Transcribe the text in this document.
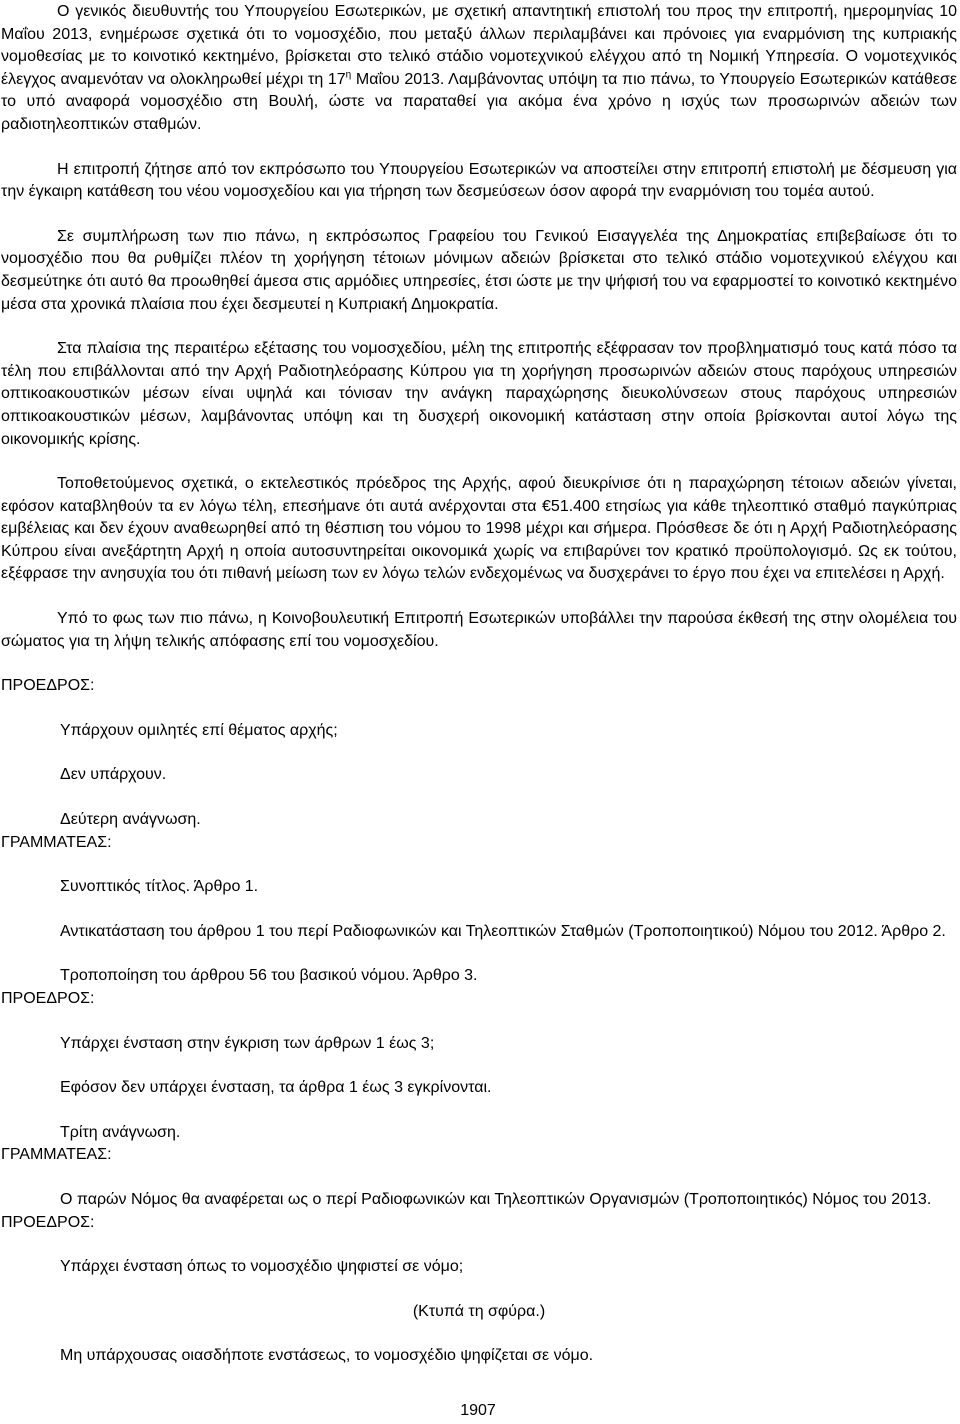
Ο γενικός διευθυντής του Υπουργείου Εσωτερικών, με σχετική απαντητική επιστολή του προς την επιτροπή, ημερομηνίας 10 Μαΐου 2013, ενημέρωσε σχετικά ότι το νομοσχέδιο, που μεταξύ άλλων περιλαμβάνει και πρόνοιες για εναρμόνιση της κυπριακής νομοθεσίας με το κοινοτικό κεκτημένο, βρίσκεται στο τελικό στάδιο νομοτεχνικού ελέγχου από τη Νομική Υπηρεσία. Ο νομοτεχνικός έλεγχος αναμενόταν να ολοκληρωθεί μέχρι τη $17^\eta$ Μαΐου 2013. Λαμβάνοντας υπόψη τα πιο πάνω, το Υπουργείο Εσωτερικών κατάθεσε το υπό αναφορά νομοσχέδιο στη Βουλή, ώστε να παραταθεί για ακόμα ένα χρόνο η ισχύς των προσωρινών αδειών των ραδιοτηλεοπτικών σταθμών.

Η επιτροπή ζήτησε από τον εκπρόσωπο του Υπουργείου Εσωτερικών να αποστείλει στην επιτροπή επιστολή με δέσμευση για την έγκαιρη κατάθεση του νέου νομοσχεδίου και για τήρηση των δεσμεύσεων όσον αφορά την εναρμόνιση του τομέα αυτού.

Σε συμπλήρωση των πιο πάνω, η εκπρόσωπος Γραφείου του Γενικού Εισαγγελέα της Δημοκρατίας επιβεβαίωσε ότι το νομοσχέδιο που θα ρυθμίζει πλέον τη χορήγηση τέτοιων μόνιμων αδειών βρίσκεται στο τελικό στάδιο νομοτεχνικού ελέγχου και δεσμεύτηκε ότι αυτό θα προωθηθεί άμεσα στις αρμόδιες υπηρεσίες, έτσι ώστε με την ψήφισή του να εφαρμοστεί το κοινοτικό κεκτημένο μέσα στα χρονικά πλαίσια που έχει δεσμευτεί η Κυπριακή Δημοκρατία.

Στα πλαίσια της περαιτέρω εξέτασης του νομοσχεδίου, μέλη της επιτροπής εξέφρασαν τον προβληματισμό τους κατά πόσο τα τέλη που επιβάλλονται από την Αρχή Ραδιοτηλεόρασης Κύπρου για τη χορήγηση προσωρινών αδειών στους παρόχους υπηρεσιών οπτικοακουστικών μέσων είναι υψηλά και τόνισαν την ανάγκη παραχώρησης διευκολύνσεων στους παρόχους υπηρεσιών οπτικοακουστικών μέσων, λαμβάνοντας υπόψη και τη δυσχερή οικονομική κατάσταση στην οποία βρίσκονται αυτοί λόγω της οικονομικής κρίσης.

Τοποθετούμενος σχετικά, ο εκτελεστικός πρόεδρος της Αρχής, αφού διευκρίνισε ότι η παραχώρηση τέτοιων αδειών γίνεται, εφόσον καταβληθούν τα εν λόγω τέλη, επεσήμανε ότι αυτά ανέρχονται στα €51.400 ετησίως για κάθε τηλεοπτικό σταθμό παγκύπριας εμβέλειας και δεν έχουν αναθεωρηθεί από τη θέσπιση του νόμου το 1998 μέχρι και σήμερα. Πρόσθεσε δε ότι η Αρχή Ραδιοτηλεόρασης Κύπρου είναι ανεξάρτητη Αρχή η οποία αυτοσυντηρείται οικονομικά χωρίς να επιβαρύνει τον κρατικό προϋπολογισμό. Ως εκ τούτου, εξέφρασε την ανησυχία του ότι πιθανή μείωση των εν λόγω τελών ενδεχομένως να δυσχεράνει το έργο που έχει να επιτελέσει η Αρχή.

Υπό το φως των πιο πάνω, η Κοινοβουλευτική Επιτροπή Εσωτερικών υποβάλλει την παρούσα έκθεσή της στην ολομέλεια του σώματος για τη λήψη τελικής απόφασης επί του νομοσχεδίου.

ΠΡΟΕΔΡΟΣ:

Υπάρχουν ομιλητές επί θέματος αρχής;

Δεν υπάρχουν.

Δεύτερη ανάγνωση.

ΓΡΑΜΜΑΤΕΑΣ:

Συνοπτικός τίτλος. Άρθρο 1.

Αντικατάσταση του άρθρου 1 του περί Ραδιοφωνικών και Τηλεοπτικών Σταθμών (Τροποποιητικού) Νόμου του 2012. Άρθρο 2.

Τροποποίηση του άρθρου 56 του βασικού νόμου. Άρθρο 3.

ΠΡΟΕΔΡΟΣ:

Υπάρχει ένσταση στην έγκριση των άρθρων 1 έως 3;

Εφόσον δεν υπάρχει ένσταση, τα άρθρα 1 έως 3 εγκρίνονται.

Τρίτη ανάγνωση.

ΓΡΑΜΜΑΤΕΑΣ:

Ο παρών Νόμος θα αναφέρεται ως ο περί Ραδιοφωνικών και Τηλεοπτικών Οργανισμών (Τροποποιητικός) Νόμος του 2013.

ΠΡΟΕΔΡΟΣ:

Υπάρχει ένσταση όπως το νομοσχέδιο ψηφιστεί σε νόμο;

(Κτυπά τη σφύρα.)

Μη υπάρχουσας οιασδήποτε ενστάσεως, το νομοσχέδιο ψηφίζεται σε νόμο.

1907
